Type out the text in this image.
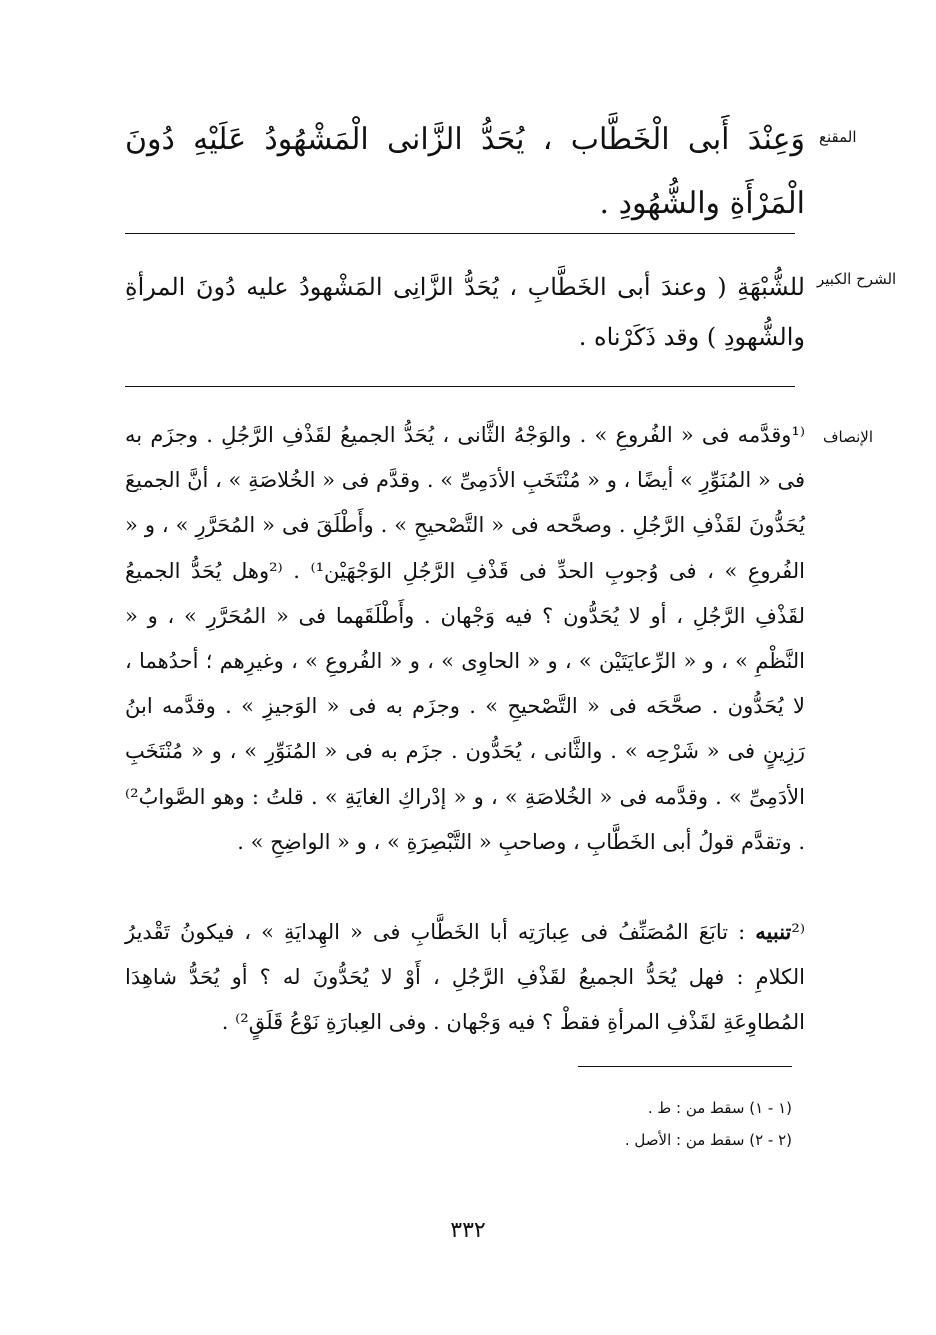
المقنع
وَعِنْدَ أَبى الْخَطَّاب ، يُحَدُّ الزَّانى الْمَشْهُودُ عَلَيْهِ دُونَ الْمَرْأَةِ والشُّهُودِ .
الشرح الكبير
للشُّبْهَةِ ( وعندَ أبى الخَطَّابِ ، يُحَدُّ الزَّانِى المَشْهودُ عليه دُونَ المرأةِ والشُّهودِ ) وقد ذَكَرْناه .
الإنصاف
⁽¹وقدَّمه فى « الفُروعِ » . والوَجْهُ الثَّانى ، يُحَدُّ الجميعُ لقَذْفِ الرَّجُلِ . وجزَم به فى « المُنَوِّرِ » أيضًا ، و « مُنْتَخَبِ الأدَمِىِّ » . وقدَّم فى « الخُلاصَةِ » ، أنَّ الجميعَ يُحَدُّونَ لقَذْفِ الرَّجُلِ . وصحَّحه فى « التَّصْحيحِ » . وأَطْلَقَ فى « المُحَرَّرِ » ، و « الفُروعِ » ، فى وُجوبِ الحدِّ فى قَذْفِ الرَّجُلِ الوَجْهَيْن¹⁾ . ⁽²وهل يُحَدُّ الجميعُ لقَذْفِ الرَّجُلِ ، أو لا يُحَدُّون ؟ فيه وَجْهان . وأَطْلَقَهما فى « المُحَرَّرِ » ، و « النَّظْمِ » ، و « الرِّعايَتَيْن » ، و « الحاوِى » ، و « الفُروعِ » ، وغيرِهم ؛ أحدُهما ، لا يُحَدُّون . صحَّحَه فى « التَّصْحيحِ » . وجزَم به فى « الوَجيزِ » . وقدَّمه ابنُ رَزِينٍ فى « شَرْحِه » . والثَّانى ، يُحَدُّون . جزَم به فى « المُنَوِّرِ » ، و « مُنْتَخَبِ الأدَمِىِّ » . وقدَّمه فى « الخُلاصَةِ » ، و « إدْراكِ الغايَةِ » . قلتُ : وهو الصَّوابُ²⁾ . وتقدَّم قولُ أبى الخَطَّابِ ، وصاحبِ « التَّبْصِرَةِ » ، و « الواضِحِ » .
⁽²تنبيه : تابَعَ المُصَنِّفُ فى عِبارَتِه أبا الخَطَّابِ فى « الهِدايَةِ » ، فيكونُ تَقْديرُ الكلامِ : فهل يُحَدُّ الجميعُ لقَذْفِ الرَّجُلِ ، أَوْ لا يُحَدُّونَ له ؟ أو يُحَدُّ شاهِدَا المُطاوِعَةِ لقَذْفِ المرأةِ فقطْ ؟ فيه وَجْهان . وفى العِبارَةِ نَوْعُ قَلَقٍ²⁾ .
(١ - ١) سقط من : ط .
(٢ - ٢) سقط من : الأصل .
٣٣٢
